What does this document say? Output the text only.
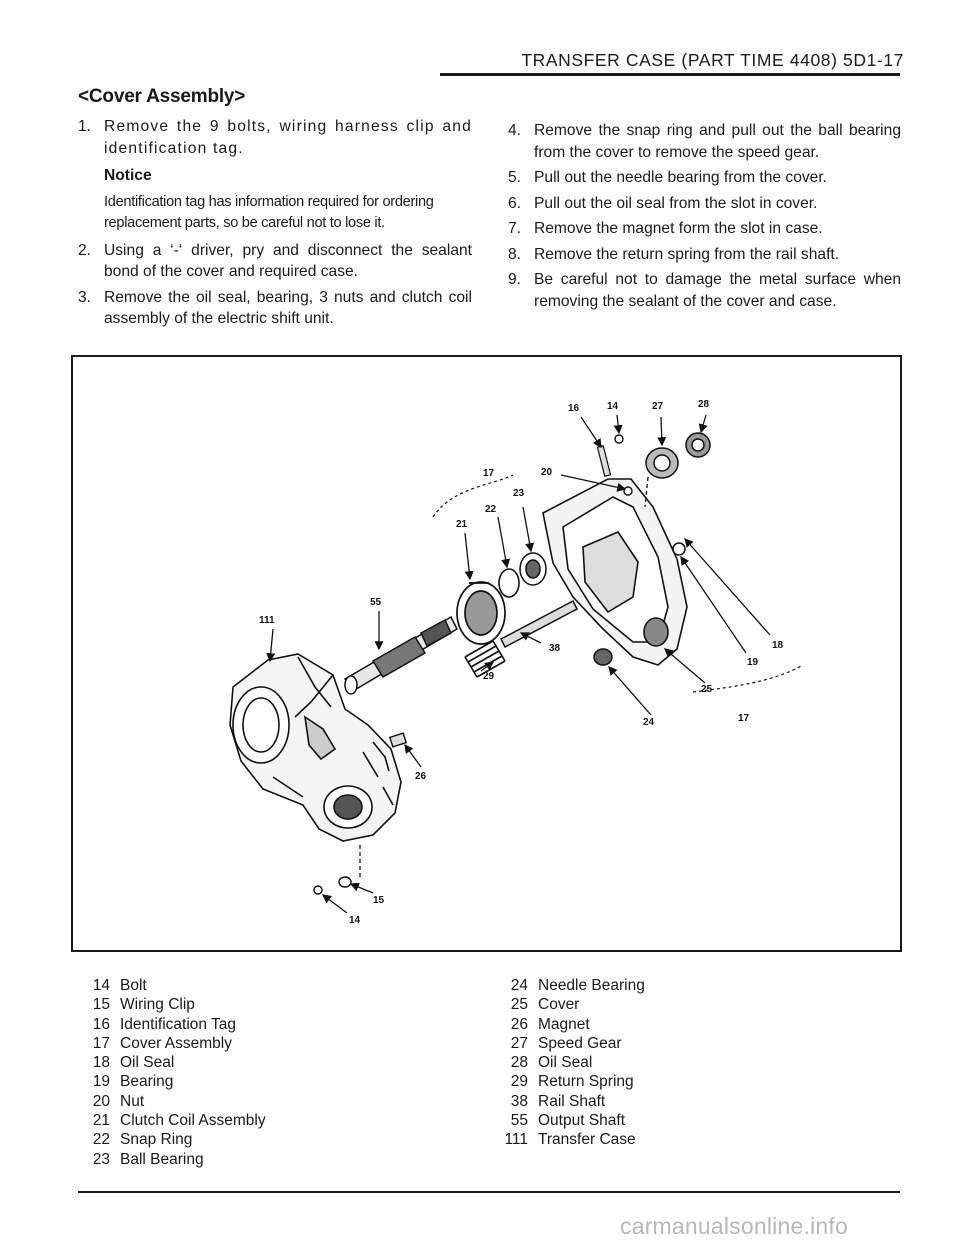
TRANSFER CASE (PART TIME 4408) 5D1-17
<Cover Assembly>
1. Remove the 9 bolts, wiring harness clip and identification tag.
Notice
Identification tag has information required for ordering replacement parts, so be careful not to lose it.
2. Using a ‘-‘ driver, pry and disconnect the sealant bond of the cover and required case.
3. Remove the oil seal, bearing, 3 nuts and clutch coil assembly of the electric shift unit.
4. Remove the snap ring and pull out the ball bearing from the cover to remove the speed gear.
5. Pull out the needle bearing from the cover.
6. Pull out the oil seal from the slot in cover.
7. Remove the magnet form the slot in case.
8. Remove the return spring from the rail shaft.
9. Be careful not to damage the metal surface when removing the sealant of the cover and case.
16	14	27	28
17	20
23
22
21
55
111
38
29
18
19
25
24	17
26
15
14
14 Bolt
15 Wiring Clip
16 Identification Tag
17 Cover Assembly
18 Oil Seal
19 Bearing
20 Nut
21 Clutch Coil Assembly
22 Snap Ring
23 Ball Bearing
24 Needle Bearing
25 Cover
26 Magnet
27 Speed Gear
28 Oil Seal
29 Return Spring
38 Rail Shaft
55 Output Shaft
111 Transfer Case
carmanualsonline.info
